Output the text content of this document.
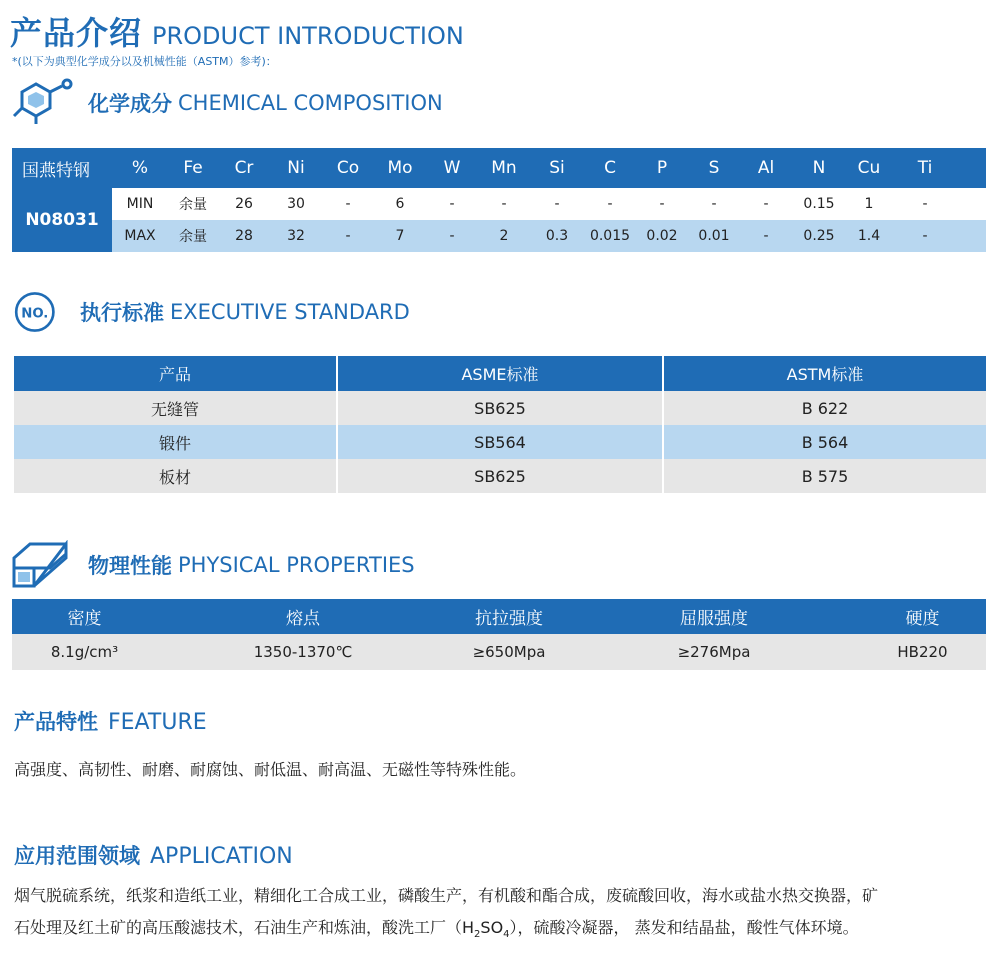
产品介绍 PRODUCT INTRODUCTION
*(以下为典型化学成分以及机械性能（ASTM）参考)：
化学成分 CHEMICAL COMPOSITION
国燕特钢	%	Fe	Cr	Ni	Co	Mo	W	Mn	Si	C	P	S	Al	N	Cu	Ti
N08031
MIN	余量	26	30	-	6	-	-	-	-	-	-	-	0.15	1	-
MAX	余量	28	32	-	7	-	2	0.3	0.015	0.02	0.01	-	0.25	1.4	-
NO. 执行标准 EXECUTIVE STANDARD
产品	ASME标准	ASTM标准
无缝管	SB625	B 622
锻件	SB564	B 564
板材	SB625	B 575
物理性能 PHYSICAL PROPERTIES
密度	熔点	抗拉强度	屈服强度	硬度
8.1g/cm³	1350-1370℃	≥650Mpa	≥276Mpa	HB220
产品特性 FEATURE
高强度、高韧性、耐磨、耐腐蚀、耐低温、耐高温、无磁性等特殊性能。
应用范围领域 APPLICATION
烟气脱硫系统，纸浆和造纸工业，精细化工合成工业，磷酸生产，有机酸和酯合成，废硫酸回收，海水或盐水热交换器，矿
石处理及红土矿的高压酸滤技术，石油生产和炼油，酸洗工厂$(H_2SO_4)$，硫酸冷凝器， 蒸发和结晶盐，酸性气体环境。
